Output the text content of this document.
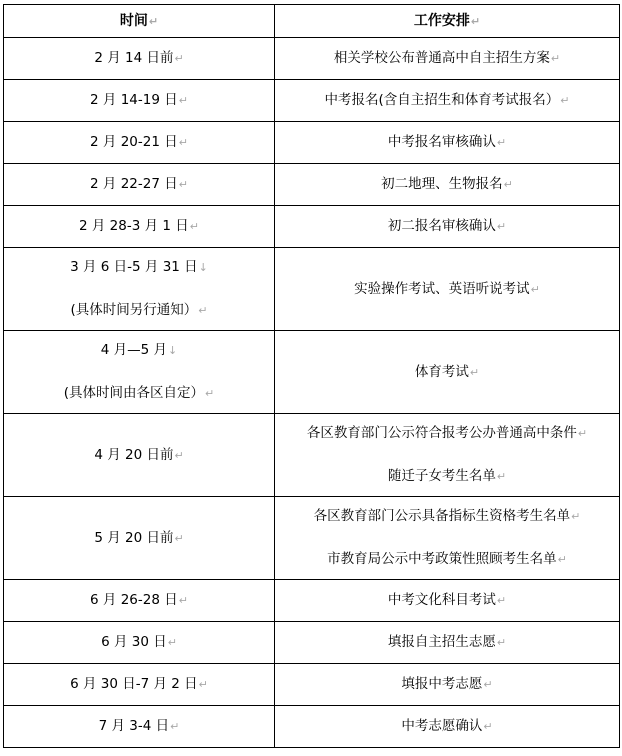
时间↵	工作安排↵

2 月 14 日前↵	相关学校公布普通高中自主招生方案↵

2 月 14-19 日↵	中考报名(含自主招生和体育考试报名）↵

2 月 20-21 日↵	中考报名审核确认↵

2 月 22-27 日↵	初二地理、生物报名↵

2 月 28-3 月 1 日↵	初二报名审核确认↵

3 月 6 日-5 月 31 日↓
(具体时间另行通知）↵	实验操作考试、英语听说考试↵

4 月—5 月↓
(具体时间由各区自定）↵	体育考试↵

4 月 20 日前↵	各区教育部门公示符合报考公办普通高中条件↵
随迁子女考生名单↵

5 月 20 日前↵	各区教育部门公示具备指标生资格考生名单↵
市教育局公示中考政策性照顾考生名单↵

6 月 26-28 日↵	中考文化科目考试↵

6 月 30 日↵	填报自主招生志愿↵

6 月 30 日-7 月 2 日↵	填报中考志愿↵

7 月 3-4 日↵	中考志愿确认↵
